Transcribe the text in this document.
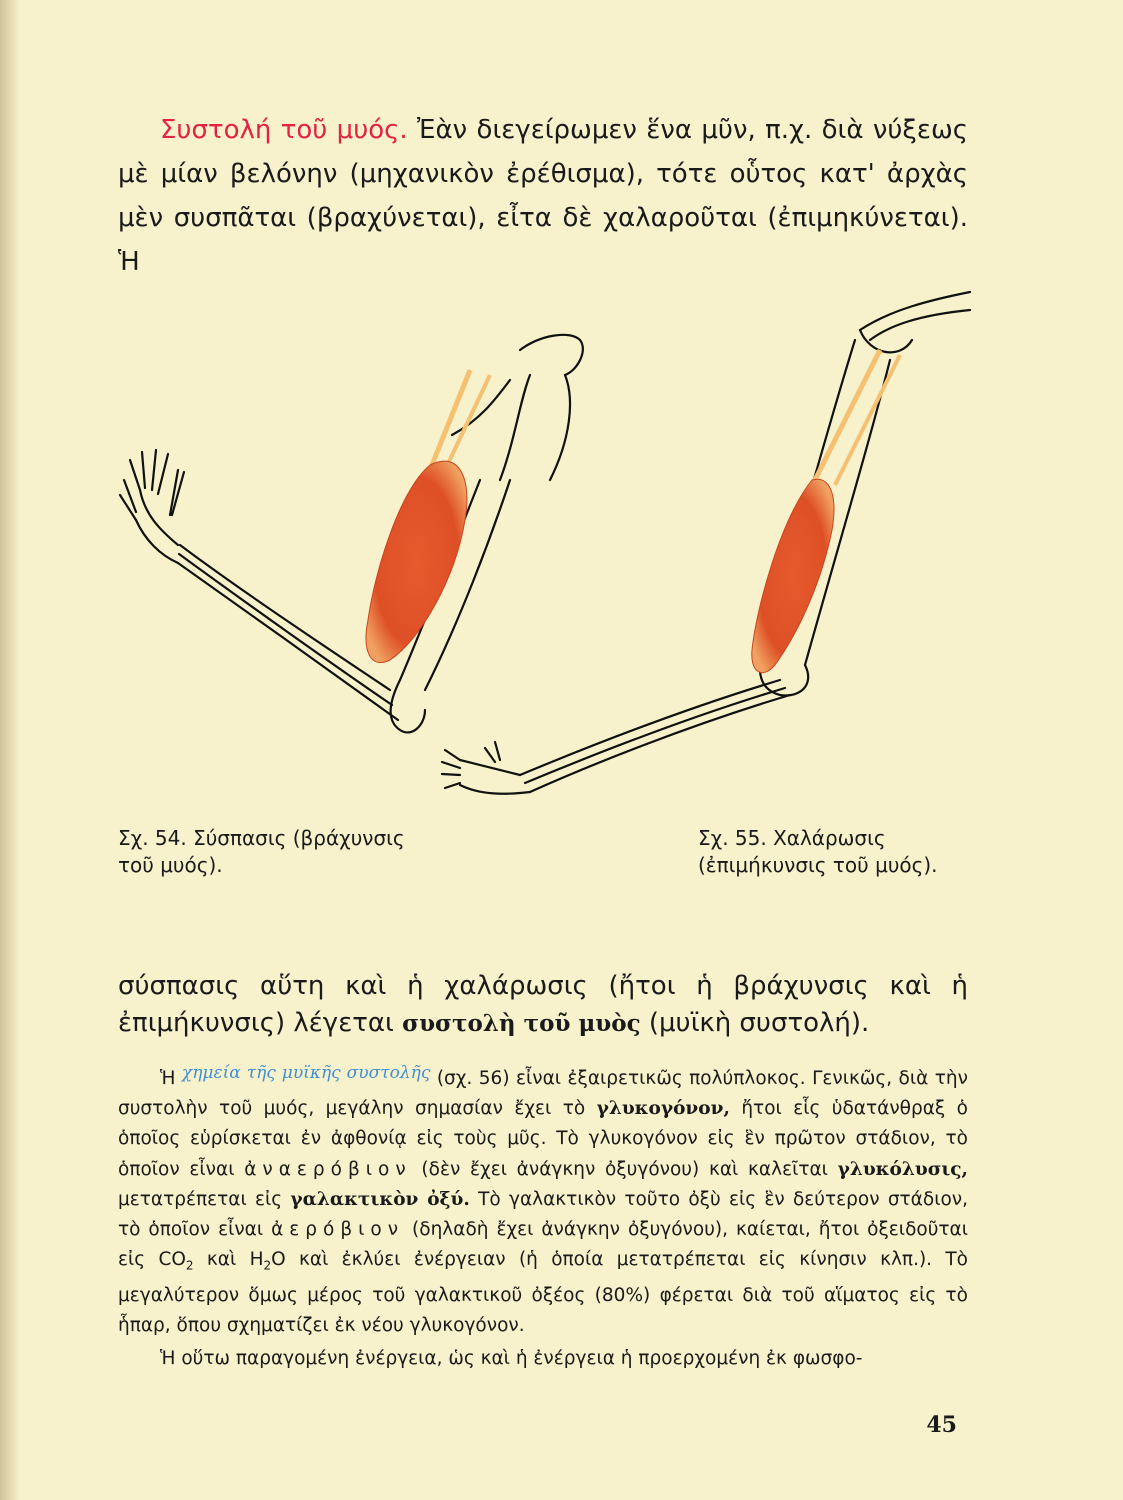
Συστολή τοῦ μυός. Ἐὰν διεγείρωμεν ἕνα μῦν, π.χ. διὰ νύξεως μὲ μίαν βελόνην (μηχανικὸν ἐρέθισμα), τότε οὗτος κατ' ἀρχὰς μὲν συσπᾶται (βραχύνεται), εἶτα δὲ χαλαροῦται (ἐπιμηκύνεται). Ἡ
Σχ. 54. Σύσπασις (βράχυνσις τοῦ μυός).
Σχ. 55. Χαλάρωσις (ἐπιμήκυνσις τοῦ μυός).
σύσπασις αὕτη καὶ ἡ χαλάρωσις (ἤτοι ἡ βράχυνσις καὶ ἡ ἐπιμήκυνσις) λέγεται συστολὴ τοῦ μυὸς (μυϊκὴ συστολή).
Ἡ χημεία τῆς μυϊκῆς συστολῆς (σχ. 56) εἶναι ἐξαιρετικῶς πολύπλοκος. Γενικῶς, διὰ τὴν συστολὴν τοῦ μυός, μεγάλην σημασίαν ἔχει τὸ γλυκογόνον, ἤτοι εἷς ὑδατάνθραξ ὁ ὁποῖος εὑρίσκεται ἐν ἀφθονίᾳ εἰς τοὺς μῦς. Τὸ γλυκογόνον εἰς ἓν πρῶτον στάδιον, τὸ ὁποῖον εἶναι ἀναερόβιον (δὲν ἔχει ἀνάγκην ὀξυγόνου) καὶ καλεῖται γλυκόλυσις, μετατρέπεται εἰς γαλακτικὸν ὀξύ. Τὸ γαλακτικὸν τοῦτο ὀξὺ εἰς ἓν δεύτερον στάδιον, τὸ ὁποῖον εἶναι ἀερόβιον (δηλαδὴ ἔχει ἀνάγκην ὀξυγόνου), καίεται, ἤτοι ὀξειδοῦται εἰς $CO_2$ καὶ $H_2O$ καὶ ἐκλύει ἐνέργειαν (ἡ ὁποία μετατρέπεται εἰς κίνησιν κλπ.). Τὸ μεγαλύτερον ὅμως μέρος τοῦ γαλακτικοῦ ὀξέος (80%) φέρεται διὰ τοῦ αἵματος εἰς τὸ ἧπαρ, ὅπου σχηματίζει ἐκ νέου γλυκογόνον.
Ἡ οὕτω παραγομένη ἐνέργεια, ὡς καὶ ἡ ἐνέργεια ἡ προερχομένη ἐκ φωσφο-
45
